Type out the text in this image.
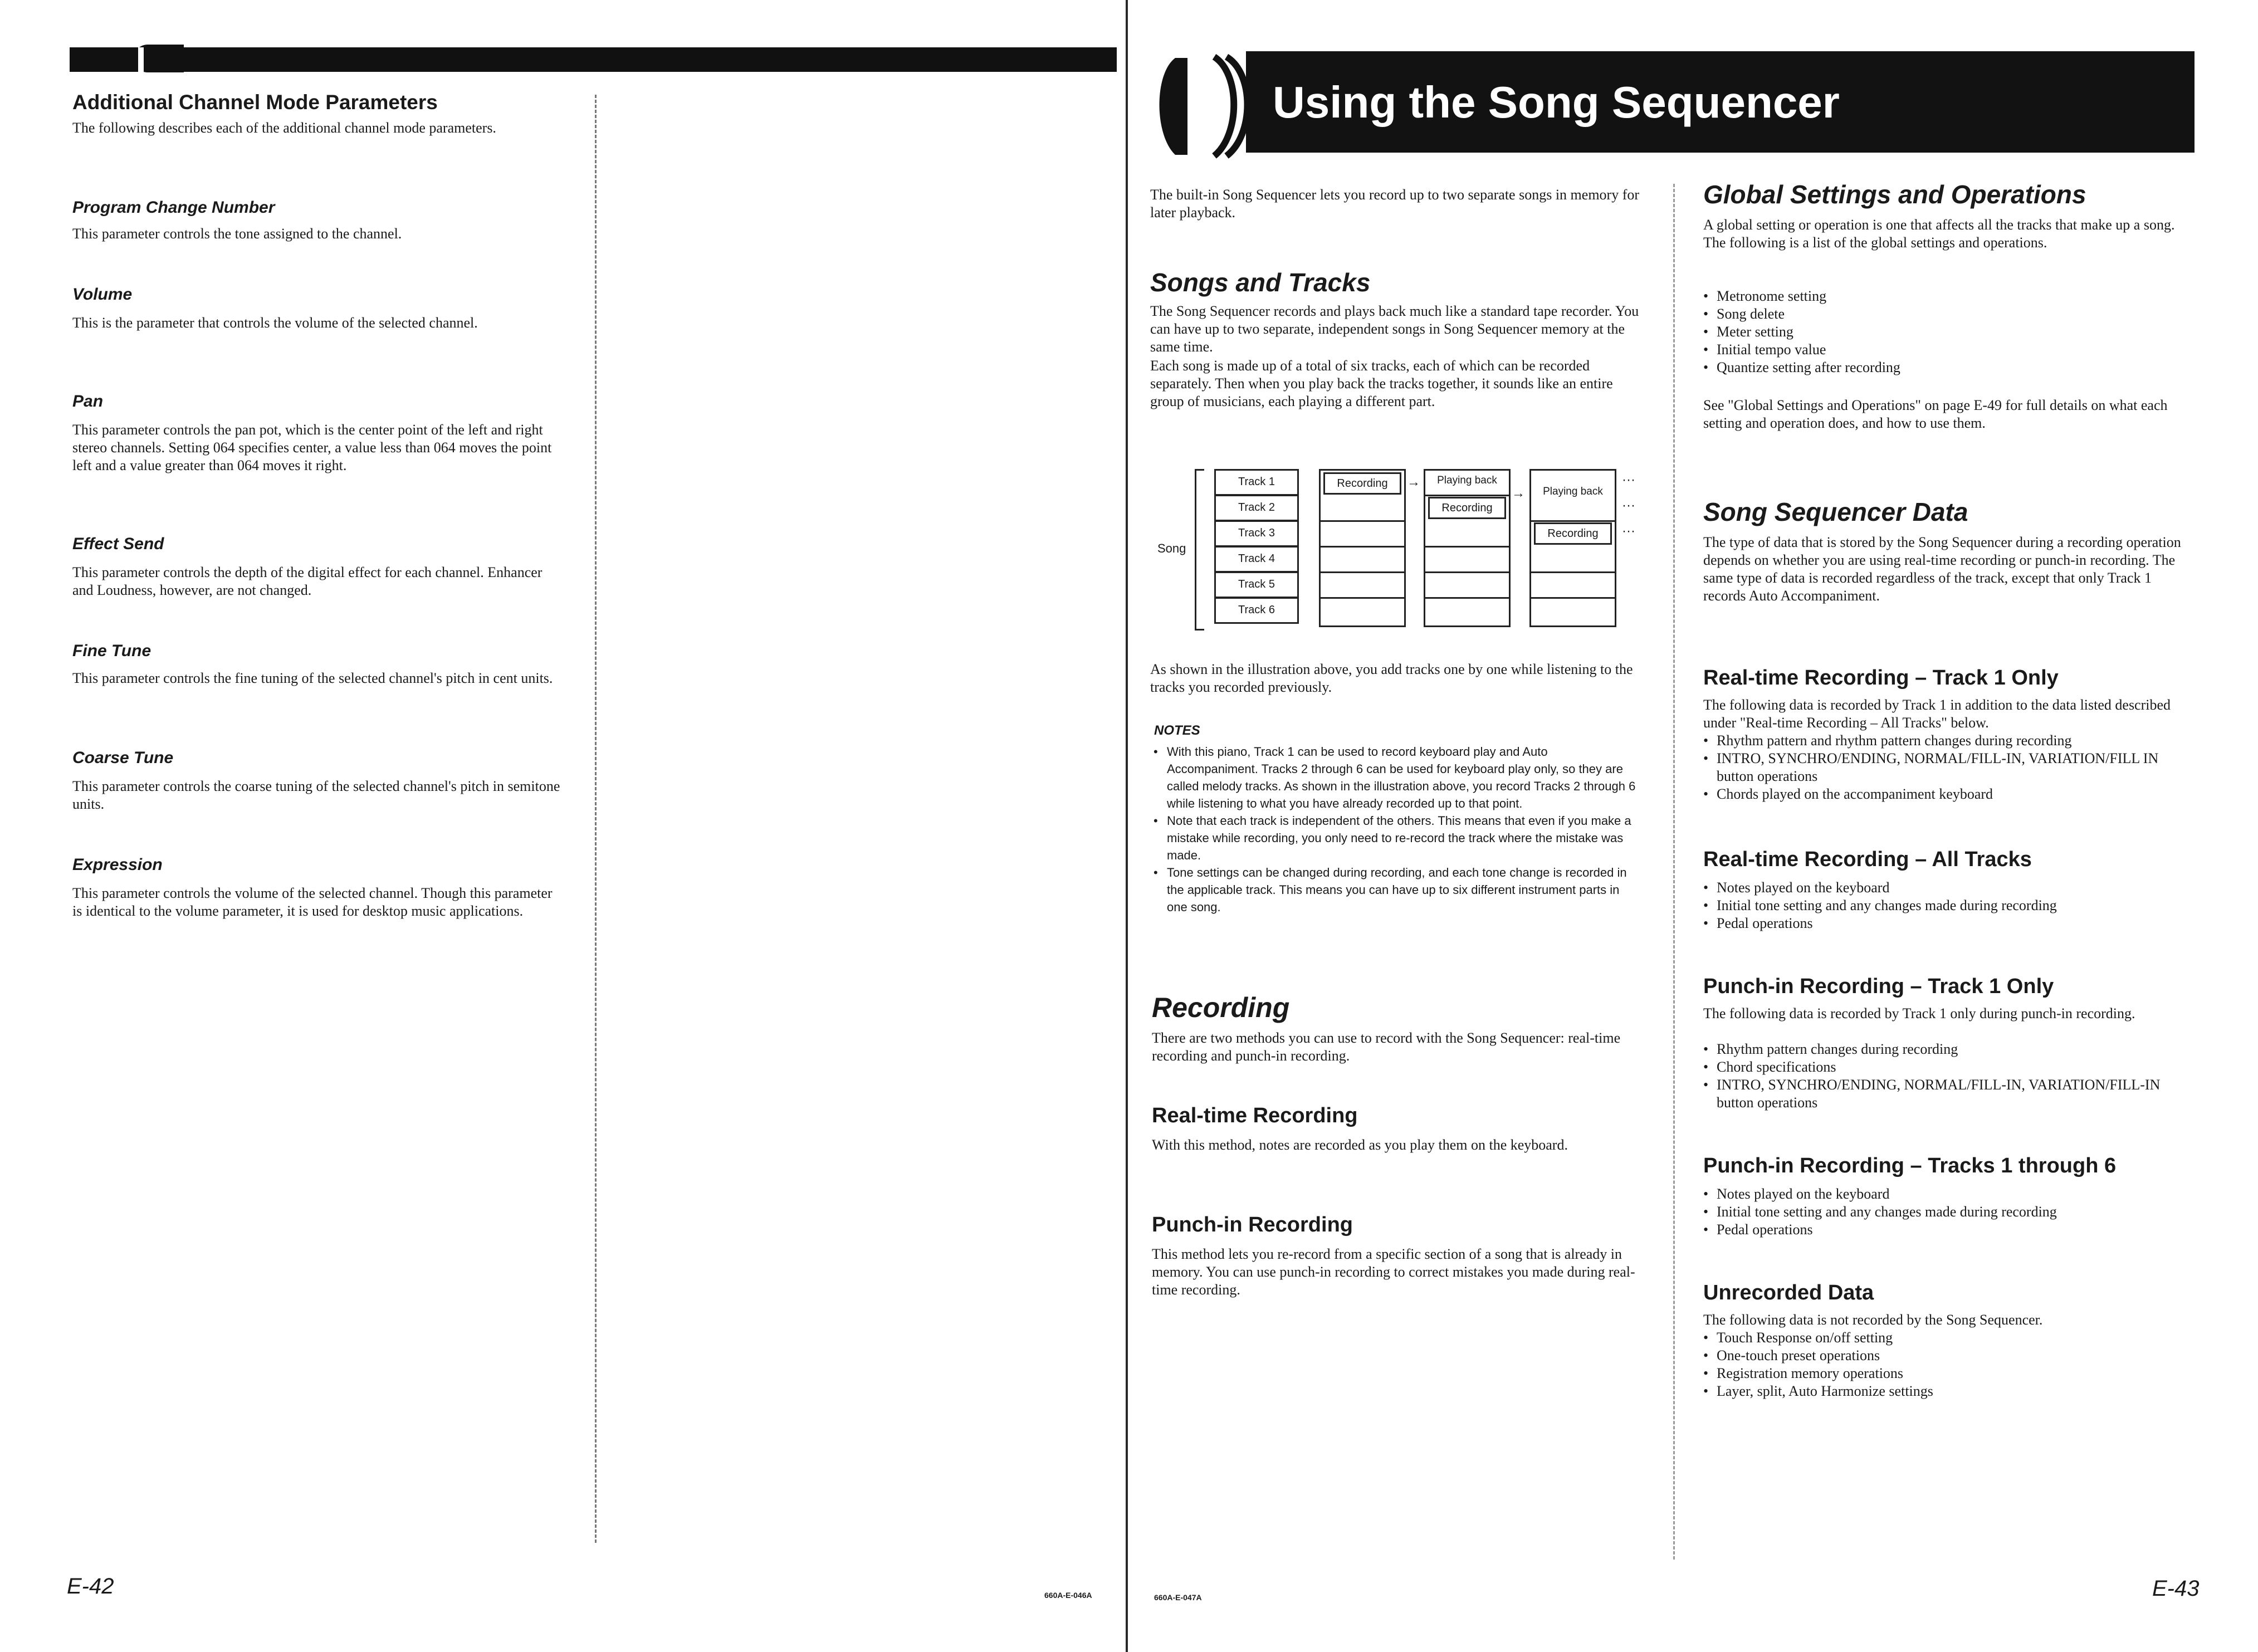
Additional Channel Mode Parameters
The following describes each of the additional channel mode parameters.
Program Change Number
This parameter controls the tone assigned to the channel.
Volume
This is the parameter that controls the volume of the selected channel.
Pan
This parameter controls the pan pot, which is the center point of the left and right stereo channels. Setting 064 specifies center, a value less than 064 moves the point left and a value greater than 064 moves it right.
Effect Send
This parameter controls the depth of the digital effect for each channel. Enhancer and Loudness, however, are not changed.
Fine Tune
This parameter controls the fine tuning of the selected channel's pitch in cent units.
Coarse Tune
This parameter controls the coarse tuning of the selected channel's pitch in semitone units.
Expression
This parameter controls the volume of the selected channel. Though this parameter is identical to the volume parameter, it is used for desktop music applications.
E-42	660A-E-046A
Using the Song Sequencer
The built-in Song Sequencer lets you record up to two separate songs in memory for later playback.
Songs and Tracks
The Song Sequencer records and plays back much like a standard tape recorder. You can have up to two separate, independent songs in Song Sequencer memory at the same time.
Each song is made up of a total of six tracks, each of which can be recorded separately. Then when you play back the tracks together, it sounds like an entire group of musicians, each playing a different part.
Song
Track 1
Track 2
Track 3
Track 4
Track 5
Track 6
Recording	→	Playing back
Recording
→	Playing back
Recording
···
···
···
As shown in the illustration above, you add tracks one by one while listening to the tracks you recorded previously.
NOTES
• With this piano, Track 1 can be used to record keyboard play and Auto Accompaniment. Tracks 2 through 6 can be used for keyboard play only, so they are called melody tracks. As shown in the illustration above, you record Tracks 2 through 6 while listening to what you have already recorded up to that point.
• Note that each track is independent of the others. This means that even if you make a mistake while recording, you only need to re-record the track where the mistake was made.
• Tone settings can be changed during recording, and each tone change is recorded in the applicable track. This means you can have up to six different instrument parts in one song.
Recording
There are two methods you can use to record with the Song Sequencer: real-time recording and punch-in recording.
Real-time Recording
With this method, notes are recorded as you play them on the keyboard.
Punch-in Recording
This method lets you re-record from a specific section of a song that is already in memory. You can use punch-in recording to correct mistakes you made during real-time recording.
Global Settings and Operations
A global setting or operation is one that affects all the tracks that make up a song. The following is a list of the global settings and operations.
• Metronome setting
• Song delete
• Meter setting
• Initial tempo value
• Quantize setting after recording
See "Global Settings and Operations" on page E-49 for full details on what each setting and operation does, and how to use them.
Song Sequencer Data
The type of data that is stored by the Song Sequencer during a recording operation depends on whether you are using real-time recording or punch-in recording. The same type of data is recorded regardless of the track, except that only Track 1 records Auto Accompaniment.
Real-time Recording – Track 1 Only
The following data is recorded by Track 1 in addition to the data listed described under "Real-time Recording – All Tracks" below.
• Rhythm pattern and rhythm pattern changes during recording
• INTRO, SYNCHRO/ENDING, NORMAL/FILL-IN, VARIATION/FILL IN button operations
• Chords played on the accompaniment keyboard
Real-time Recording – All Tracks
• Notes played on the keyboard
• Initial tone setting and any changes made during recording
• Pedal operations
Punch-in Recording – Track 1 Only
The following data is recorded by Track 1 only during punch-in recording.
• Rhythm pattern changes during recording
• Chord specifications
• INTRO, SYNCHRO/ENDING, NORMAL/FILL-IN, VARIATION/FILL-IN button operations
Punch-in Recording – Tracks 1 through 6
• Notes played on the keyboard
• Initial tone setting and any changes made during recording
• Pedal operations
Unrecorded Data
The following data is not recorded by the Song Sequencer.
• Touch Response on/off setting
• One-touch preset operations
• Registration memory operations
• Layer, split, Auto Harmonize settings
660A-E-047A	E-43
